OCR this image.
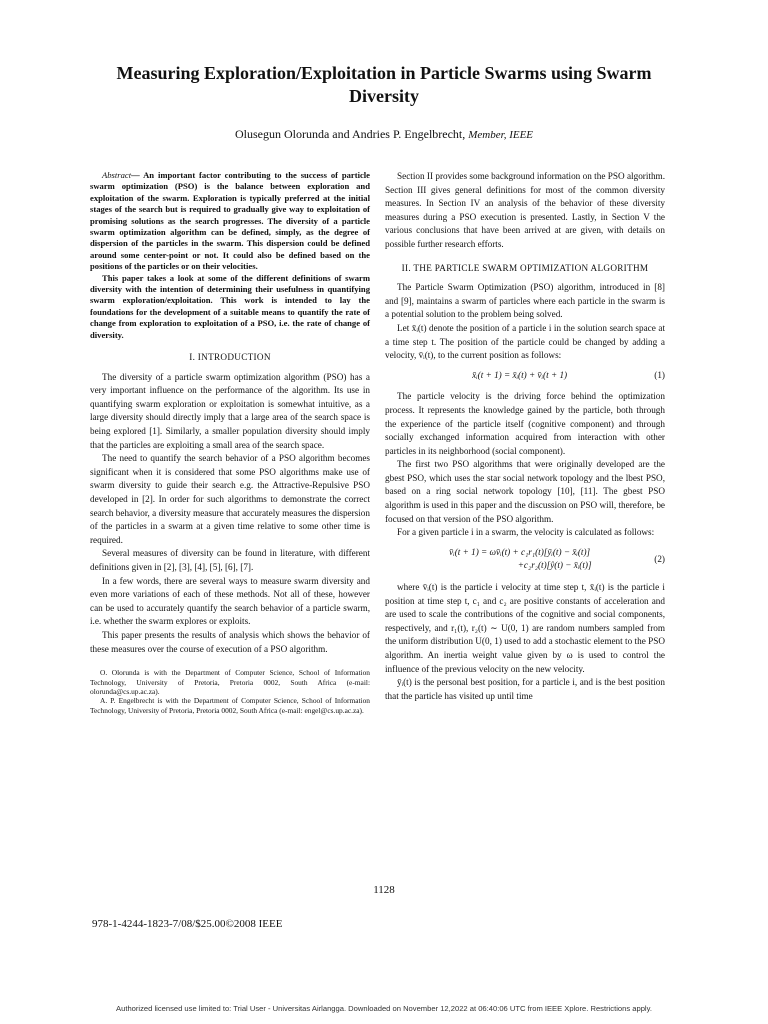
Measuring Exploration/Exploitation in Particle Swarms using Swarm Diversity
Olusegun Olorunda and Andries P. Engelbrecht, Member, IEEE

Abstract— An important factor contributing to the success of particle swarm optimization (PSO) is the balance between exploration and exploitation of the swarm. Exploration is typically preferred at the initial stages of the search but is required to gradually give way to exploitation of promising solutions as the search progresses. The diversity of a particle swarm optimization algorithm can be defined, simply, as the degree of dispersion of the particles in the swarm. This dispersion could be defined around some center-point or not. It could also be defined based on the positions of the particles or on their velocities.

This paper takes a look at some of the different definitions of swarm diversity with the intention of determining their usefulness in quantifying swarm exploration/exploitation. This work is intended to lay the foundations for the development of a suitable means to quantify the rate of change from exploration to exploitation of a PSO, i.e. the rate of change of diversity.

I. INTRODUCTION

The diversity of a particle swarm optimization algorithm (PSO) has a very important influence on the performance of the algorithm. Its use in quantifying swarm exploration or exploitation is somewhat intuitive, as a large diversity should directly imply that a large area of the search space is being explored [1]. Similarly, a smaller population diversity should imply that the particles are exploiting a small area of the search space.

The need to quantify the search behavior of a PSO algorithm becomes significant when it is considered that some PSO algorithms make use of swarm diversity to guide their search e.g. the Attractive-Repulsive PSO developed in [2]. In order for such algorithms to demonstrate the correct search behavior, a diversity measure that accurately measures the dispersion of the particles in a swarm at a given time relative to some other time is required.

Several measures of diversity can be found in literature, with different definitions given in [2], [3], [4], [5], [6], [7].

In a few words, there are several ways to measure swarm diversity and even more variations of each of these methods. Not all of these, however can be used to accurately quantify the search behavior of a particle swarm, i.e. whether the swarm explores or exploits.

This paper presents the results of analysis which shows the behavior of these measures over the course of execution of a PSO algorithm.

O. Olorunda is with the Department of Computer Science, School of Information Technology, University of Pretoria, Pretoria 0002, South Africa (e-mail: olorunda@cs.up.ac.za).

A. P. Engelbrecht is with the Department of Computer Science, School of Information Technology, University of Pretoria, Pretoria 0002, South Africa (e-mail: engel@cs.up.ac.za).

Section II provides some background information on the PSO algorithm. Section III gives general definitions for most of the common diversity measures. In Section IV an analysis of the behavior of these diversity measures during a PSO execution is presented. Lastly, in Section V the various conclusions that have been arrived at are given, with details on possible further research efforts.

II. THE PARTICLE SWARM OPTIMIZATION ALGORITHM

The Particle Swarm Optimization (PSO) algorithm, introduced in [8] and [9], maintains a swarm of particles where each particle in the swarm is a potential solution to the problem being solved.

Let x̄ᵢ(t) denote the position of a particle i in the solution search space at a time step t. The position of the particle could be changed by adding a velocity, v̄ᵢ(t), to the current position as follows:

x̄ᵢ(t + 1) = x̄ᵢ(t) + v̄ᵢ(t + 1)	(1)

The particle velocity is the driving force behind the optimization process. It represents the knowledge gained by the particle, both through the experience of the particle itself (cognitive component) and through socially exchanged information acquired from interaction with other particles in its neighborhood (social component).

The first two PSO algorithms that were originally developed are the gbest PSO, which uses the star social network topology and the lbest PSO, based on a ring social network topology [10], [11]. The gbest PSO algorithm is used in this paper and the discussion on PSO will, therefore, be focused on that version of the PSO algorithm.

For a given particle i in a swarm, the velocity is calculated as follows:

v̄ᵢ(t + 1) = ωv̄ᵢ(t) + c₁r₁(t)[ȳᵢ(t) − x̄ᵢ(t)]
+c₂r₂(t)[ŷ(t) − x̄ᵢ(t)]
(2)

where v̄ᵢ(t) is the particle i velocity at time step t, x̄ᵢ(t) is the particle i position at time step t, c₁ and c₂ are positive constants of acceleration and are used to scale the contributions of the cognitive and social components, respectively, and r₁(t), r₂(t) ∼ U(0, 1) are random numbers sampled from the uniform distribution U(0, 1) used to add a stochastic element to the PSO algorithm. An inertia weight value given by ω is used to control the influence of the previous velocity on the new velocity.

ȳᵢ(t) is the personal best position, for a particle i, and is the best position that the particle has visited up until time

1128
978-1-4244-1823-7/08/$25.00©2008 IEEE
Authorized licensed use limited to: Trial User - Universitas Airlangga. Downloaded on November 12,2022 at 06:40:06 UTC from IEEE Xplore. Restrictions apply.
